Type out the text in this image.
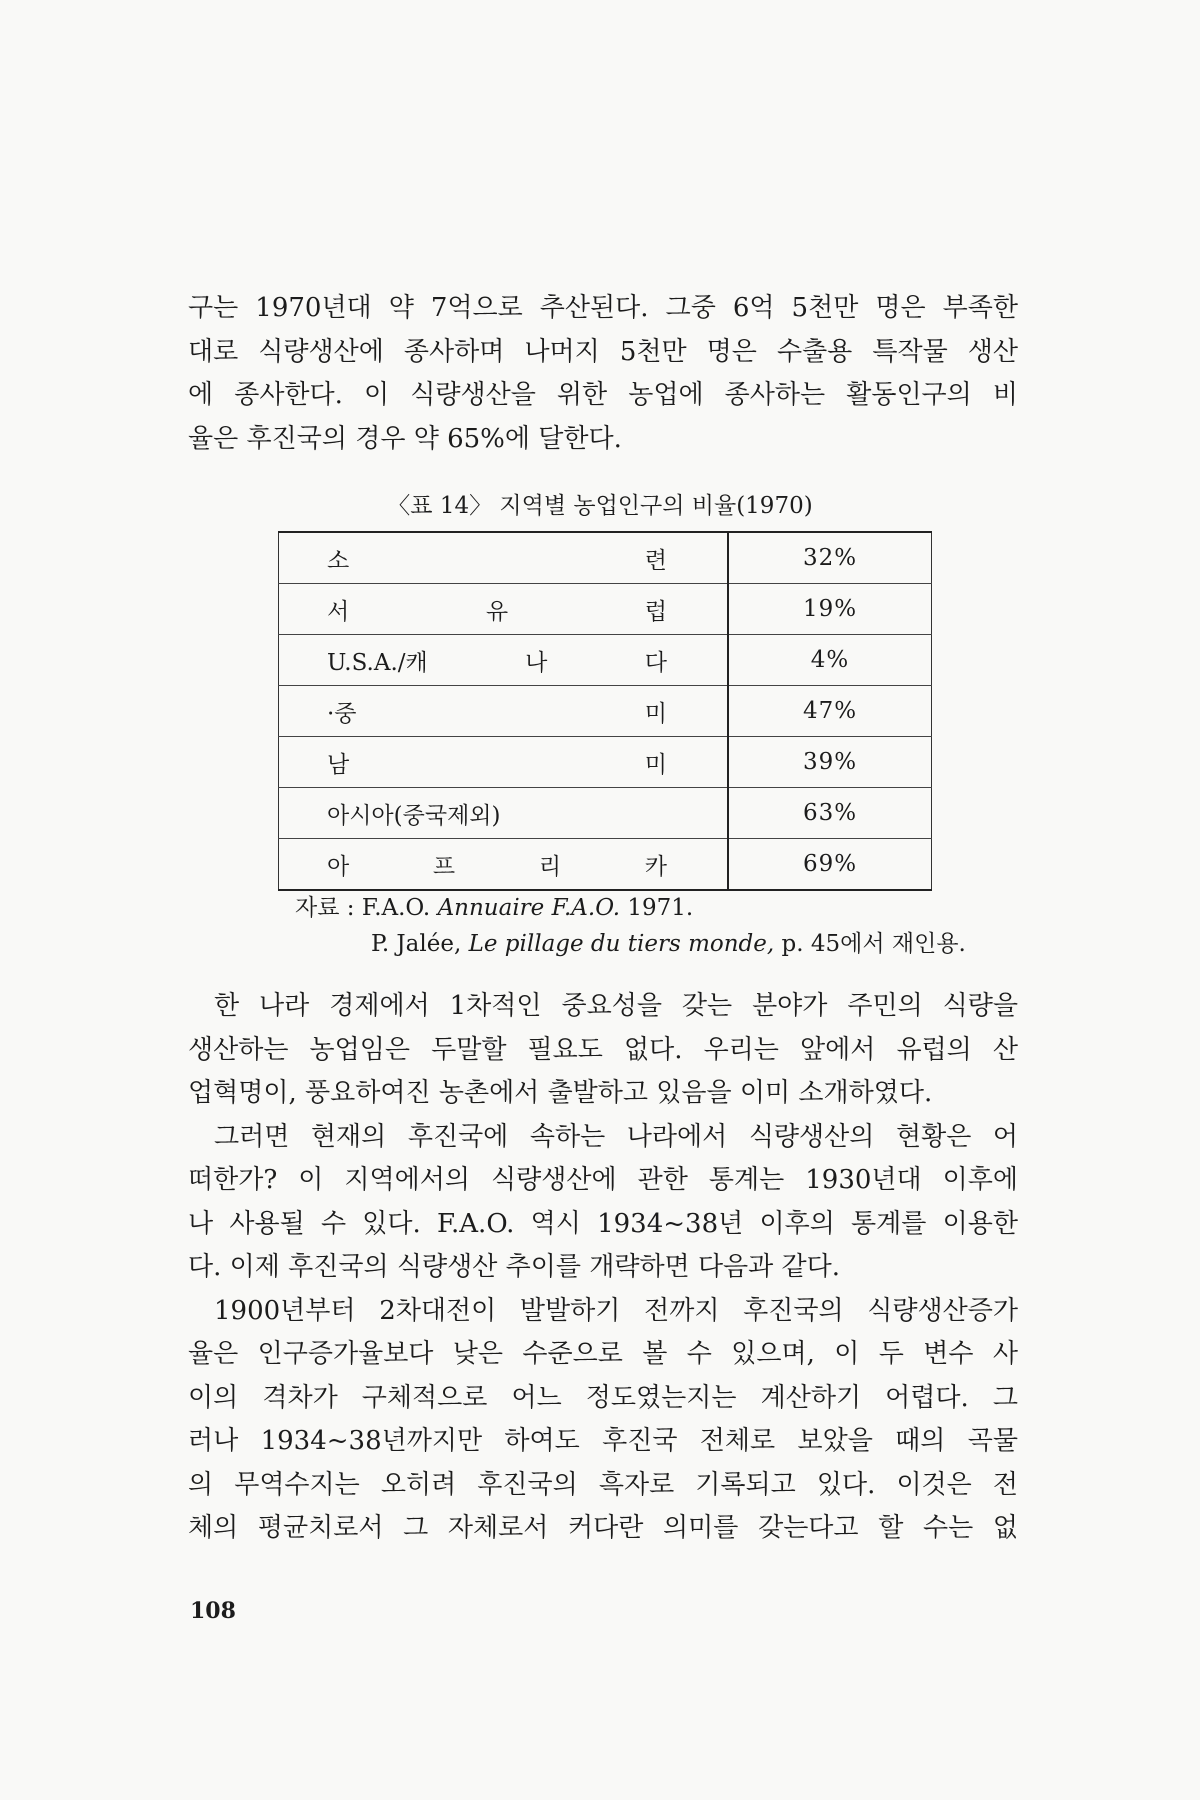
구는 1970년대 약 7억으로 추산된다. 그중 6억 5천만 명은 부족한
대로 식량생산에 종사하며 나머지 5천만 명은 수출용 특작물 생산
에 종사한다. 이 식량생산을 위한 농업에 종사하는 활동인구의 비
율은 후진국의 경우 약 65%에 달한다.
〈표 14〉 지역별 농업인구의 비율(1970)
소 련	32%

서 유 럽	19%

U.S.A./캐 나 다	4%

·중 미	47%

남 미	39%

아시아(중국제외)	63%

아 프 리 카	69%
자료 : F.A.O. Annuaire F.A.O. 1971.
P. Jalée, Le pillage du tiers monde, p. 45에서 재인용.

한 나라 경제에서 1차적인 중요성을 갖는 분야가 주민의 식량을
생산하는 농업임은 두말할 필요도 없다. 우리는 앞에서 유럽의 산
업혁명이, 풍요하여진 농촌에서 출발하고 있음을 이미 소개하였다.

그러면 현재의 후진국에 속하는 나라에서 식량생산의 현황은 어
떠한가? 이 지역에서의 식량생산에 관한 통계는 1930년대 이후에
나 사용될 수 있다. F.A.O. 역시 1934~38년 이후의 통계를 이용한
다. 이제 후진국의 식량생산 추이를 개략하면 다음과 같다.

1900년부터 2차대전이 발발하기 전까지 후진국의 식량생산증가
율은 인구증가율보다 낮은 수준으로 볼 수 있으며, 이 두 변수 사
이의 격차가 구체적으로 어느 정도였는지는 계산하기 어렵다. 그
러나 1934~38년까지만 하여도 후진국 전체로 보았을 때의 곡물
의 무역수지는 오히려 후진국의 흑자로 기록되고 있다. 이것은 전
체의 평균치로서 그 자체로서 커다란 의미를 갖는다고 할 수는 없

108
